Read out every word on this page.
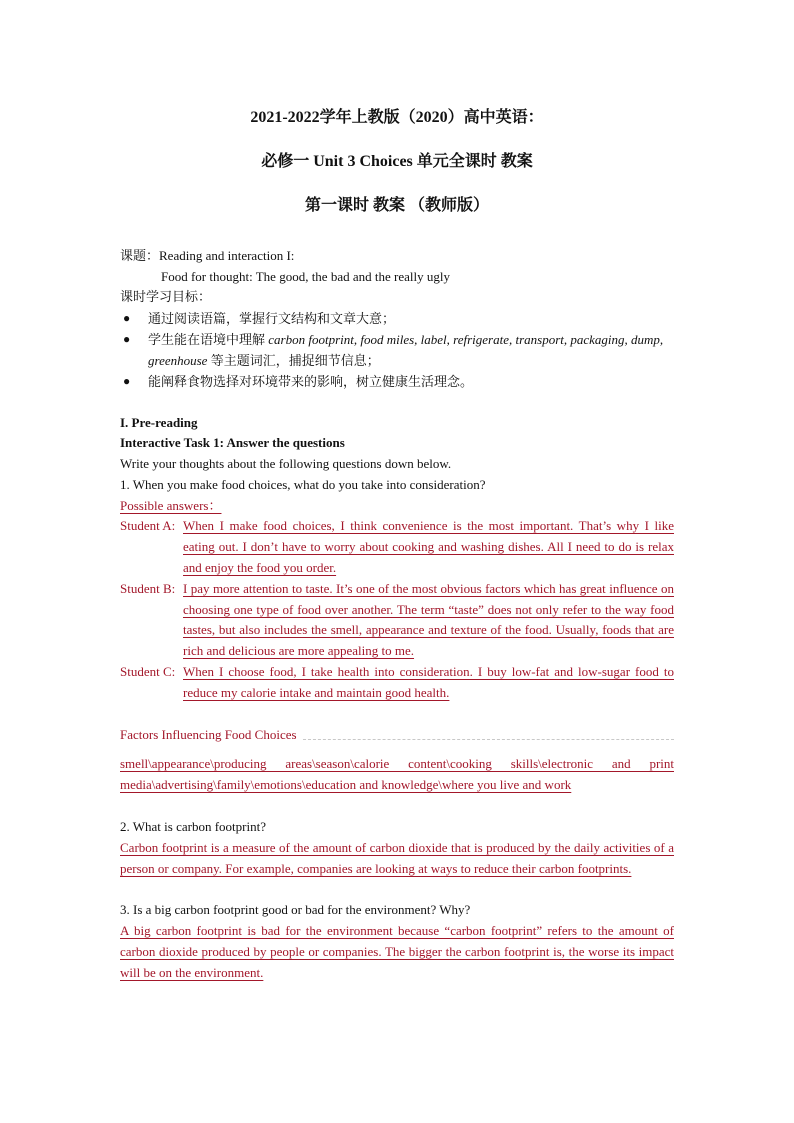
2021-2022学年上教版（2020）高中英语：

必修一 Unit 3 Choices 单元全课时 教案

第一课时 教案 （教师版）

课题：Reading and interaction I:
Food for thought: The good, the bad and the really ugly
课时学习目标：
● 通过阅读语篇，掌握行文结构和文章大意；
● 学生能在语境中理解 carbon footprint, food miles, label, refrigerate, transport, packaging, dump, greenhouse 等主题词汇，捕捉细节信息；
● 能阐释食物选择对环境带来的影响，树立健康生活理念。
I. Pre-reading
Interactive Task 1: Answer the questions
Write your thoughts about the following questions down below.
1. When you make food choices, what do you take into consideration?
Possible answers：
Student A: When I make food choices, I think convenience is the most important. That’s why I like eating out. I don’t have to worry about cooking and washing dishes. All I need to do is relax and enjoy the food you order.
Student B: I pay more attention to taste. It’s one of the most obvious factors which has great influence on choosing one type of food over another. The term “taste” does not only refer to the way food tastes, but also includes the smell, appearance and texture of the food. Usually, foods that are rich and delicious are more appealing to me.
Student C: When I choose food, I take health into consideration. I buy low-fat and low-sugar food to reduce my calorie intake and maintain good health.
Factors Influencing Food Choices
smell\appearance\producing areas\season\calorie content\cooking skills\electronic and print media\advertising\family\emotions\education and knowledge\where you live and work
2. What is carbon footprint?
Carbon footprint is a measure of the amount of carbon dioxide that is produced by the daily activities of a person or company. For example, companies are looking at ways to reduce their carbon footprints.
3. Is a big carbon footprint good or bad for the environment? Why?
A big carbon footprint is bad for the environment because “carbon footprint” refers to the amount of carbon dioxide produced by people or companies. The bigger the carbon footprint is, the worse its impact will be on the environment.
